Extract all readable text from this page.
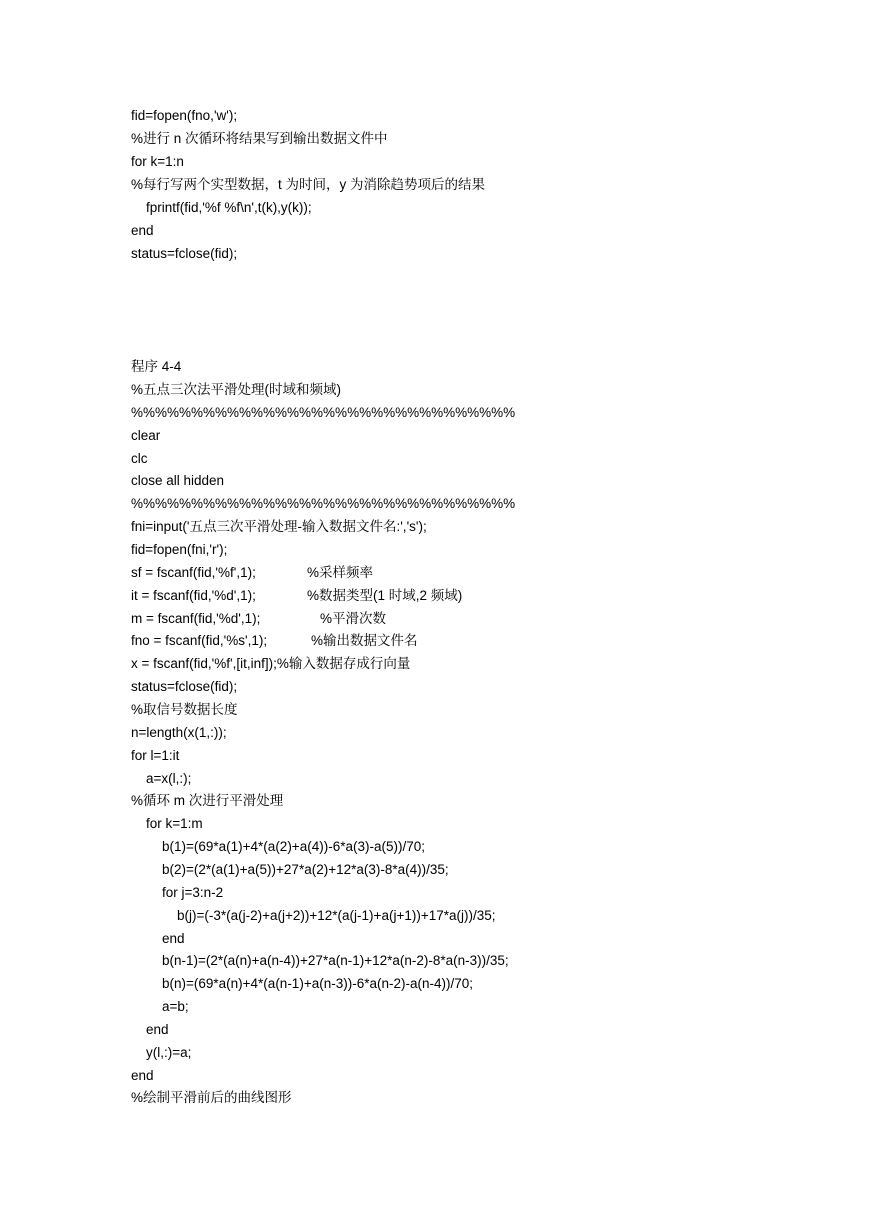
fid=fopen(fno,'w');
%进行 n 次循环将结果写到输出数据文件中
for k=1:n
%每行写两个实型数据，t 为时间，y 为消除趋势项后的结果
fprintf(fid,'%f %f\n',t(k),y(k));
end
status=fclose(fid);
程序 4-4
%五点三次法平滑处理(时域和频域)
%%%%%%%%%%%%%%%%%%%%%%%%%%%%%%%%
clear
clc
close all hidden
%%%%%%%%%%%%%%%%%%%%%%%%%%%%%%%%
fni=input('五点三次平滑处理-输入数据文件名:','s');
fid=fopen(fni,'r');
sf = fscanf(fid,'%f',1);	%采样频率
it = fscanf(fid,'%d',1);	%数据类型(1 时域,2 频域)
m = fscanf(fid,'%d',1);	%平滑次数
fno = fscanf(fid,'%s',1);	%输出数据文件名
x = fscanf(fid,'%f',[it,inf]);%输入数据存成行向量
status=fclose(fid);
%取信号数据长度
n=length(x(1,:));
for l=1:it
a=x(l,:);
%循环 m 次进行平滑处理
for k=1:m
b(1)=(69*a(1)+4*(a(2)+a(4))-6*a(3)-a(5))/70;
b(2)=(2*(a(1)+a(5))+27*a(2)+12*a(3)-8*a(4))/35;
for j=3:n-2
b(j)=(-3*(a(j-2)+a(j+2))+12*(a(j-1)+a(j+1))+17*a(j))/35;
end
b(n-1)=(2*(a(n)+a(n-4))+27*a(n-1)+12*a(n-2)-8*a(n-3))/35;
b(n)=(69*a(n)+4*(a(n-1)+a(n-3))-6*a(n-2)-a(n-4))/70;
a=b;
end
y(l,:)=a;
end
%绘制平滑前后的曲线图形
